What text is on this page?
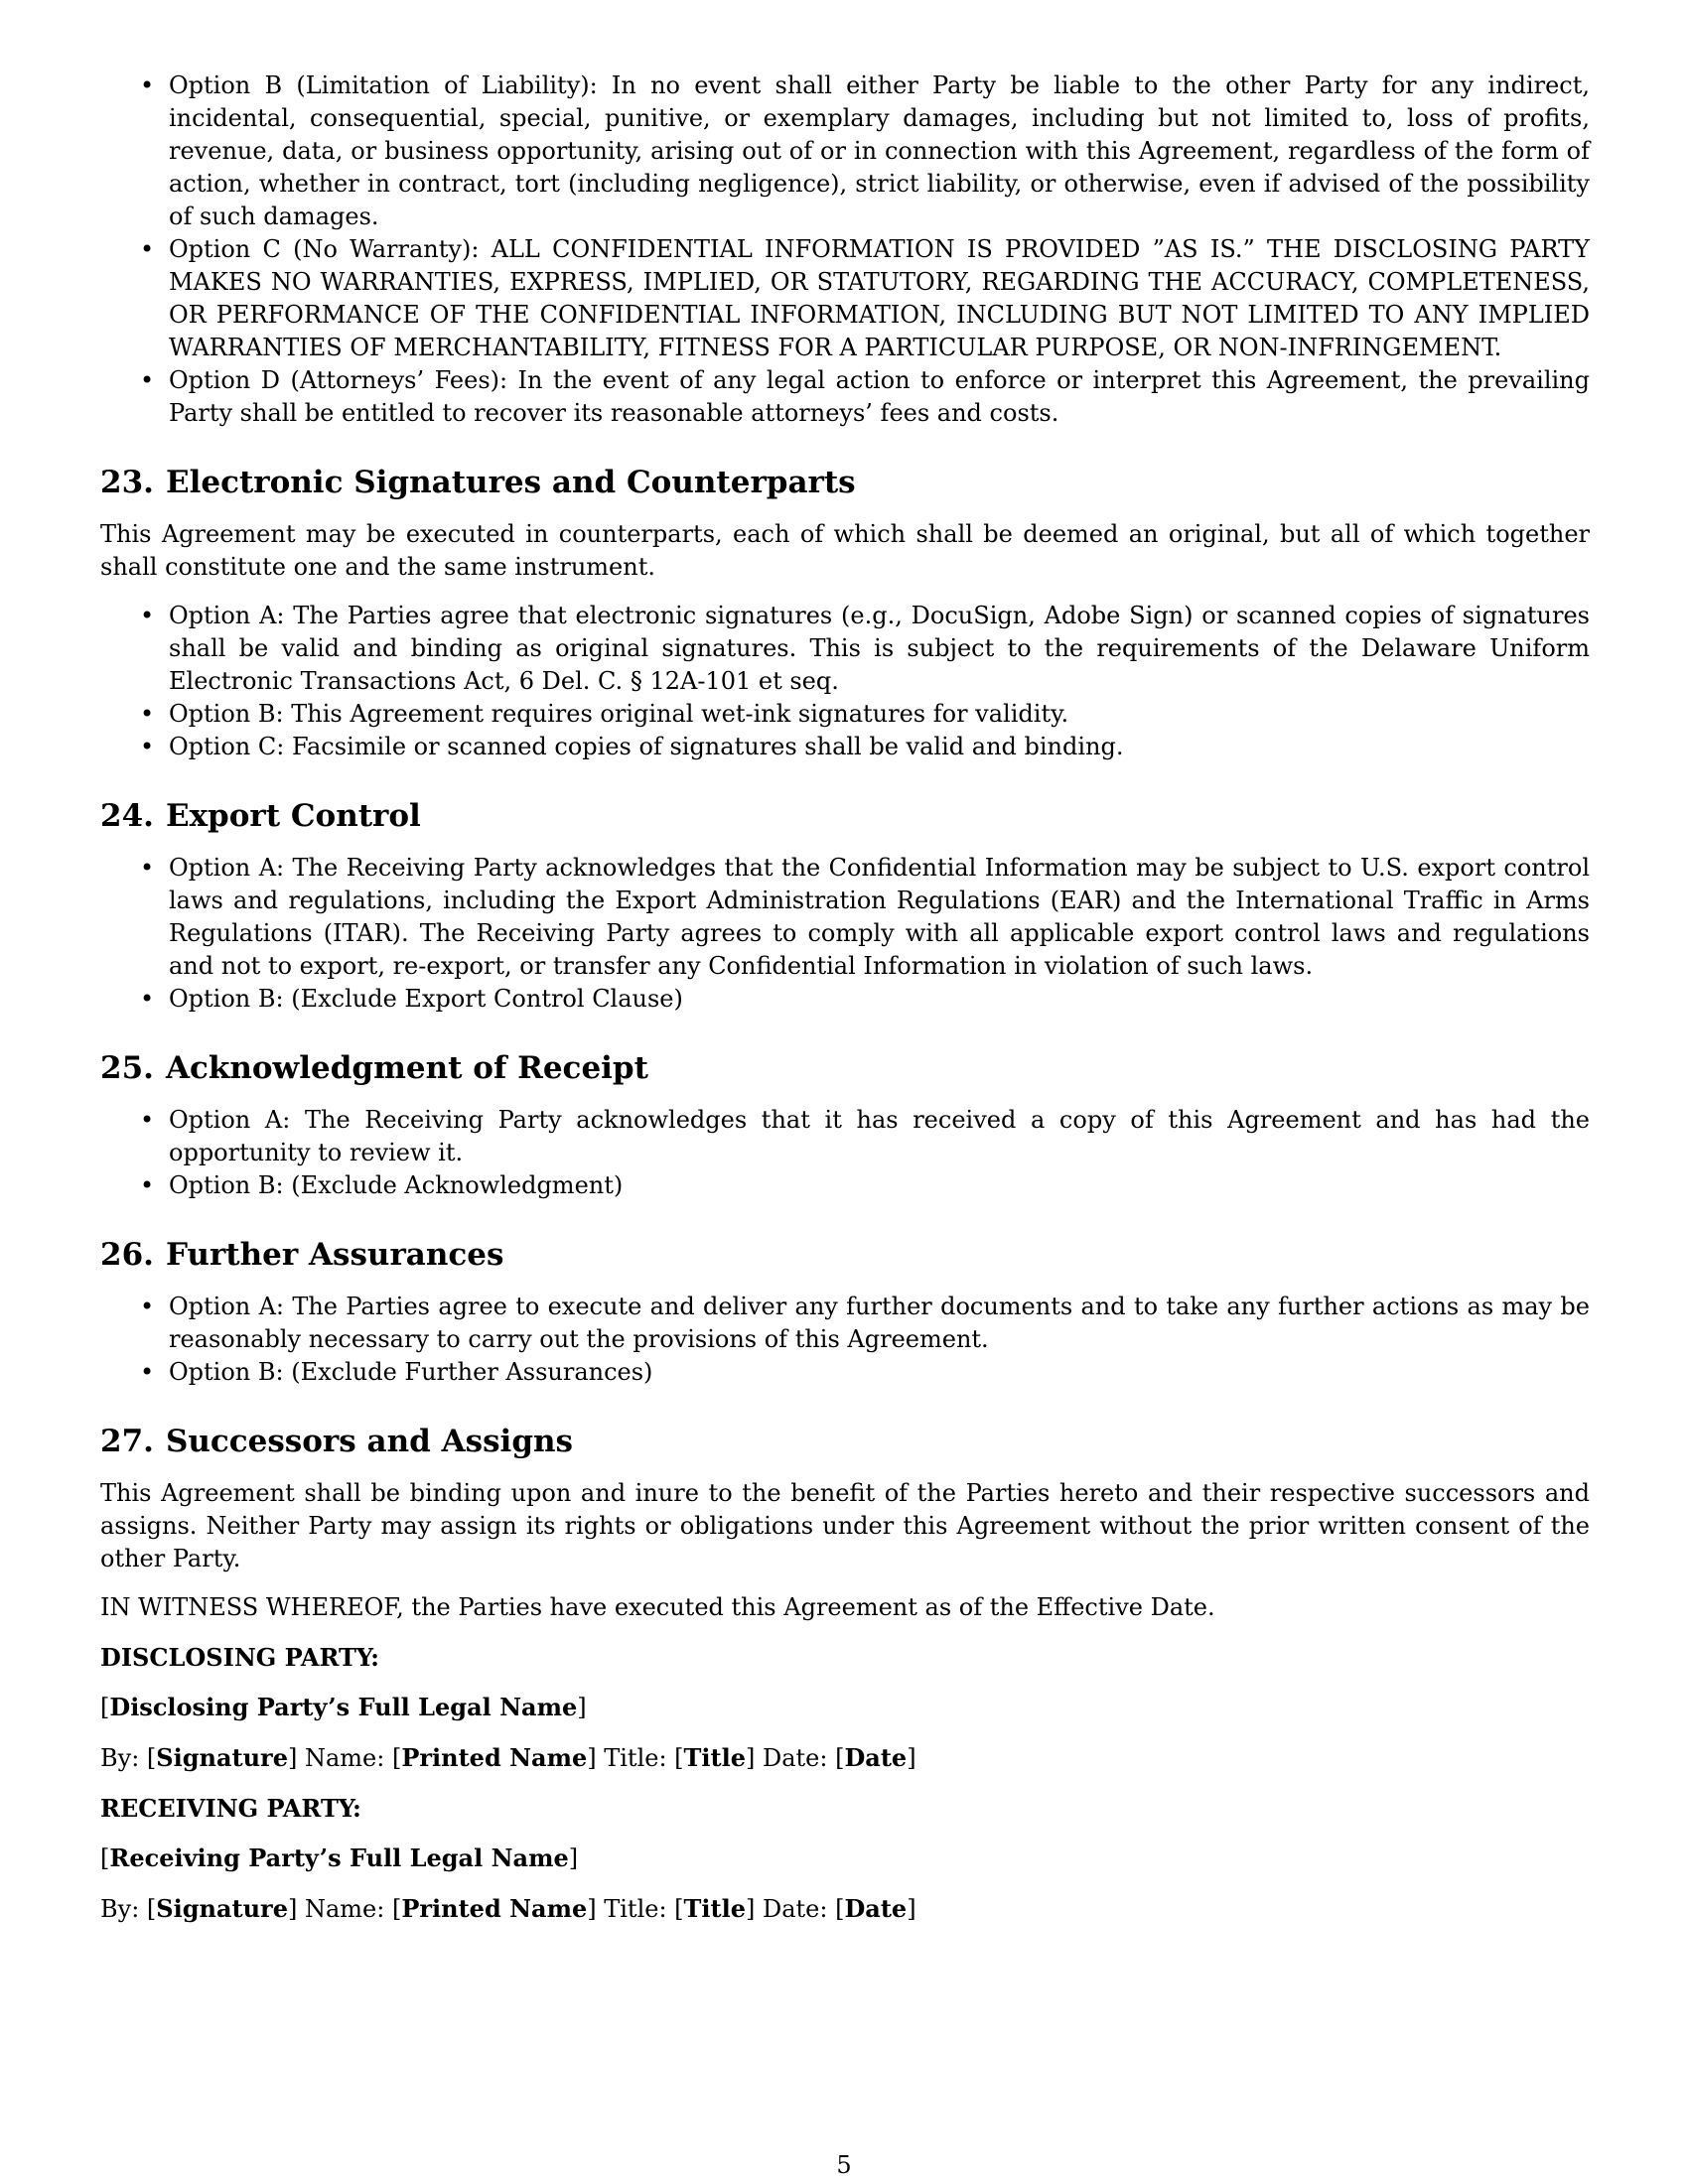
• Option B (Limitation of Liability): In no event shall either Party be liable to the other Party for any indirect, incidental, consequential, special, punitive, or exemplary damages, including but not limited to, loss of profits, revenue, data, or business opportunity, arising out of or in connection with this Agreement, regardless of the form of action, whether in contract, tort (including negligence), strict liability, or otherwise, even if advised of the possibility of such damages.
• Option C (No Warranty): ALL CONFIDENTIAL INFORMATION IS PROVIDED ”AS IS.” THE DISCLOSING PARTY MAKES NO WARRANTIES, EXPRESS, IMPLIED, OR STATUTORY, REGARDING THE ACCURACY, COMPLETENESS, OR PERFORMANCE OF THE CONFIDENTIAL INFORMATION, INCLUDING BUT NOT LIMITED TO ANY IMPLIED WARRANTIES OF MERCHANTABILITY, FITNESS FOR A PARTICULAR PURPOSE, OR NON-INFRINGEMENT.
• Option D (Attorneys’ Fees): In the event of any legal action to enforce or interpret this Agreement, the prevailing Party shall be entitled to recover its reasonable attorneys’ fees and costs.
23. Electronic Signatures and Counterparts

This Agreement may be executed in counterparts, each of which shall be deemed an original, but all of which together shall constitute one and the same instrument.

• Option A: The Parties agree that electronic signatures (e.g., DocuSign, Adobe Sign) or scanned copies of signatures shall be valid and binding as original signatures. This is subject to the requirements of the Delaware Uniform Electronic Transactions Act, 6 Del. C. § 12A-101 et seq.
• Option B: This Agreement requires original wet-ink signatures for validity.
• Option C: Facsimile or scanned copies of signatures shall be valid and binding.
24. Export Control
• Option A: The Receiving Party acknowledges that the Confidential Information may be subject to U.S. export control laws and regulations, including the Export Administration Regulations (EAR) and the International Traffic in Arms Regulations (ITAR). The Receiving Party agrees to comply with all applicable export control laws and regulations and not to export, re-export, or transfer any Confidential Information in violation of such laws.
• Option B: (Exclude Export Control Clause)
25. Acknowledgment of Receipt
• Option A: The Receiving Party acknowledges that it has received a copy of this Agreement and has had the opportunity to review it.
• Option B: (Exclude Acknowledgment)
26. Further Assurances
• Option A: The Parties agree to execute and deliver any further documents and to take any further actions as may be reasonably necessary to carry out the provisions of this Agreement.
• Option B: (Exclude Further Assurances)
27. Successors and Assigns

This Agreement shall be binding upon and inure to the benefit of the Parties hereto and their respective successors and assigns. Neither Party may assign its rights or obligations under this Agreement without the prior written consent of the other Party.

IN WITNESS WHEREOF, the Parties have executed this Agreement as of the Effective Date.

DISCLOSING PARTY:

[Disclosing Party’s Full Legal Name]

By: [Signature] Name: [Printed Name] Title: [Title] Date: [Date]

RECEIVING PARTY:

[Receiving Party’s Full Legal Name]

By: [Signature] Name: [Printed Name] Title: [Title] Date: [Date]

5
